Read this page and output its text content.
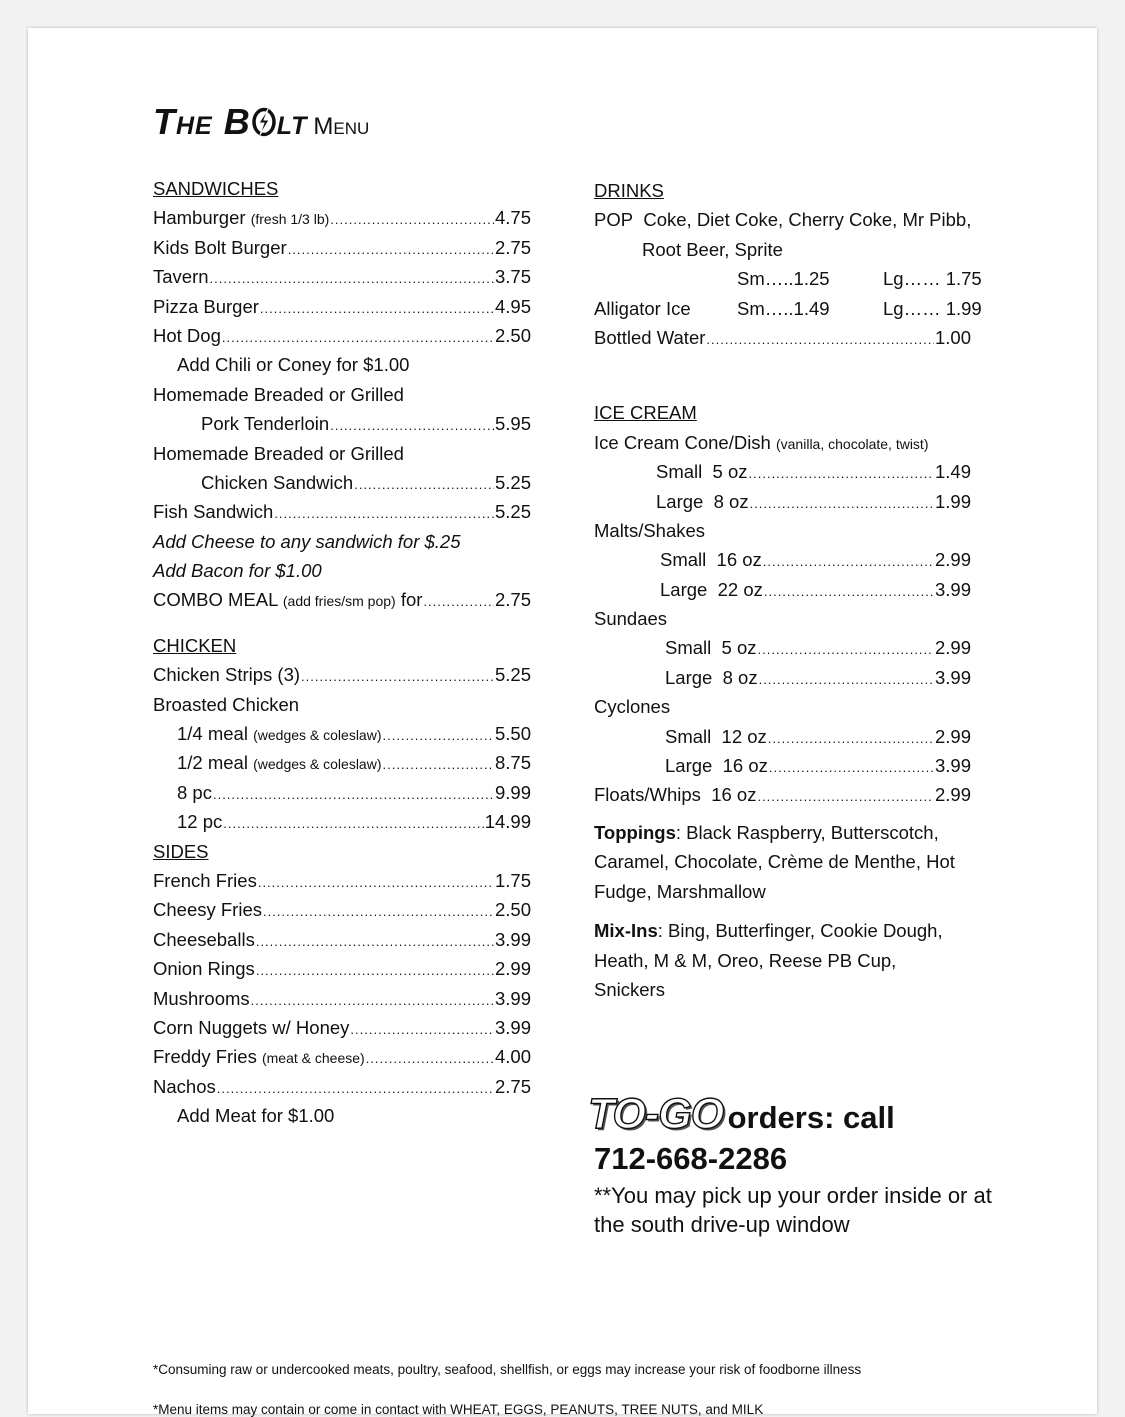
The B lt Menu
SANDWICHES
Hamburger (fresh 1/3 lb) .....	4.75
Kids Bolt Burger .....	2.75
Tavern .....	3.75
Pizza Burger .....	4.95
Hot Dog .....	2.50
Add Chili or Coney for $1.00
Homemade Breaded or Grilled
Pork Tenderloin .....	5.95
Homemade Breaded or Grilled
Chicken Sandwich .....	5.25
Fish Sandwich .....	5.25
Add Cheese to any sandwich for $.25
Add Bacon for $1.00
COMBO MEAL (add fries/sm pop) for .....	2.75
CHICKEN
Chicken Strips (3) .....	5.25
Broasted Chicken
1/4 meal (wedges & coleslaw) .....	5.50
1/2 meal (wedges & coleslaw) .....	8.75
8 pc .....	9.99
12 pc .....	14.99
SIDES
French Fries .....	1.75
Cheesy Fries .....	2.50
Cheeseballs .....	3.99
Onion Rings .....	2.99
Mushrooms .....	3.99
Corn Nuggets w/ Honey .....	3.99
Freddy Fries (meat & cheese) .....	4.00
Nachos .....	2.75
Add Meat for $1.00
DRINKS
POP Coke, Diet Coke, Cherry Coke, Mr Pibb,
Root Beer, Sprite
Sm…..1.25	Lg…… 1.75
Alligator Ice	Sm…..1.49	Lg…… 1.99
Bottled Water .....	1.00
ICE CREAM
Ice Cream Cone/Dish (vanilla, chocolate, twist)
Small  5 oz .....	1.49
Large  8 oz .....	1.99
Malts/Shakes
Small  16 oz .....	2.99
Large  22 oz .....	3.99
Sundaes
Small  5 oz .....	2.99
Large  8 oz .....	3.99
Cyclones
Small  12 oz .....	2.99
Large  16 oz .....	3.99
Floats/Whips  16 oz .....	2.99
Toppings: Black Raspberry, Butterscotch, Caramel, Chocolate, Crème de Menthe, Hot Fudge, Marshmallow
Mix-Ins: Bing, Butterfinger, Cookie Dough, Heath, M & M, Oreo, Reese PB Cup, Snickers
TO-GO orders: call
712-668-2286
**You may pick up your order inside or at the south drive-up window
*Consuming raw or undercooked meats, poultry, seafood, shellfish, or eggs may increase your risk of foodborne illness
*Menu items may contain or come in contact with WHEAT, EGGS, PEANUTS, TREE NUTS, and MILK
